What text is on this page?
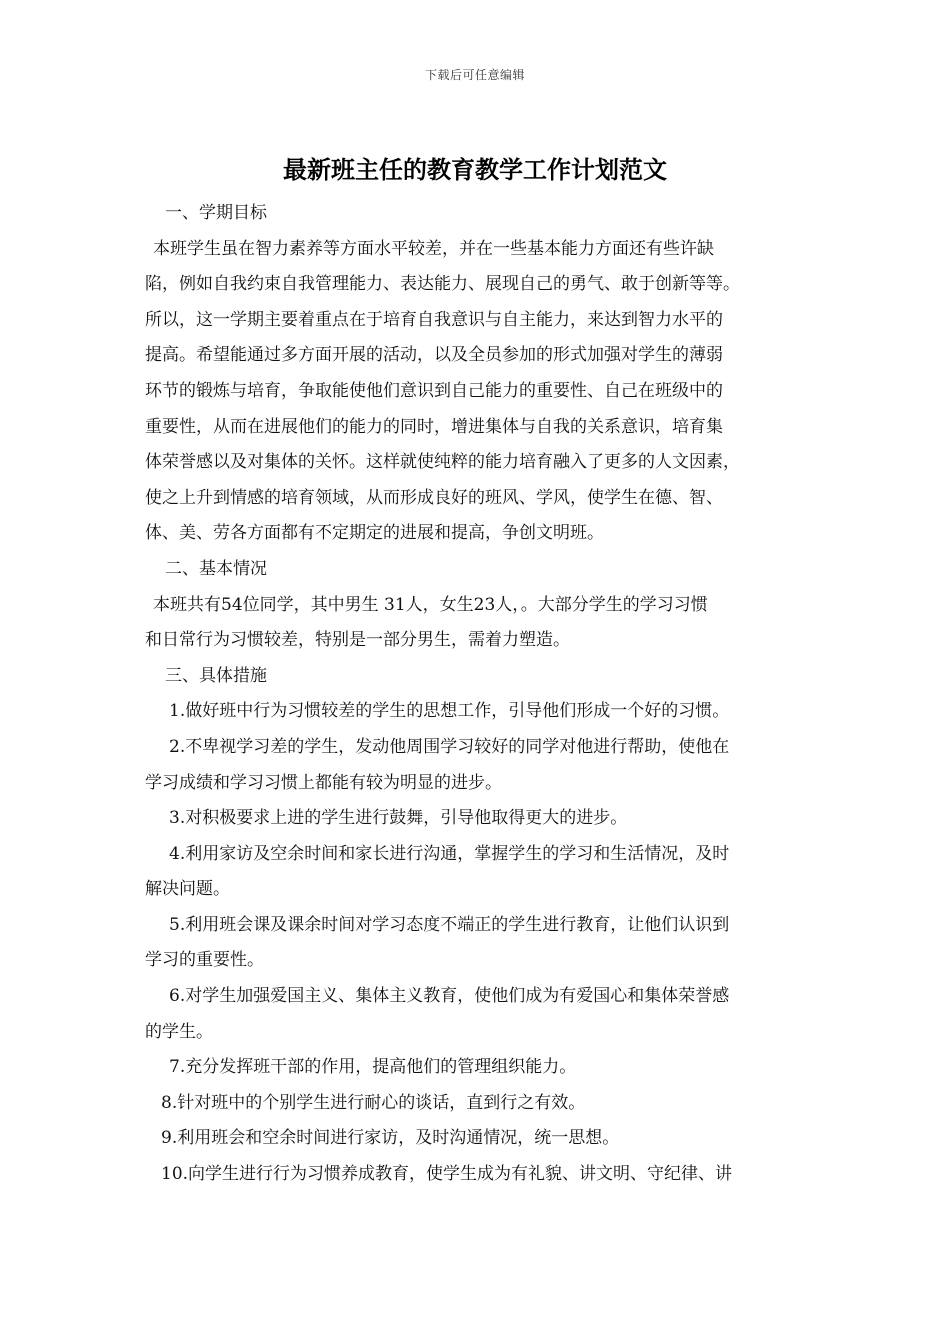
下载后可任意编辑
最新班主任的教育教学工作计划范文
一、学期目标
本班学生虽在智力素养等方面水平较差，并在一些基本能力方面还有些许缺
陷，例如自我约束自我管理能力、表达能力、展现自己的勇气、敢于创新等等。
所以，这一学期主要着重点在于培育自我意识与自主能力，来达到智力水平的
提高。希望能通过多方面开展的活动，以及全员参加的形式加强对学生的薄弱
环节的锻炼与培育，争取能使他们意识到自己能力的重要性、自己在班级中的
重要性，从而在进展他们的能力的同时，增进集体与自我的关系意识，培育集
体荣誉感以及对集体的关怀。这样就使纯粹的能力培育融入了更多的人文因素，
使之上升到情感的培育领域，从而形成良好的班风、学风，使学生在德、智、
体、美、劳各方面都有不定期定的进展和提高，争创文明班。
二、基本情况
本班共有54位同学，其中男生 31人，女生23人，。大部分学生的学习习惯
和日常行为习惯较差，特别是一部分男生，需着力塑造。
三、具体措施
1.做好班中行为习惯较差的学生的思想工作，引导他们形成一个好的习惯。
2.不卑视学习差的学生，发动他周围学习较好的同学对他进行帮助，使他在
学习成绩和学习习惯上都能有较为明显的进步。
3.对积极要求上进的学生进行鼓舞，引导他取得更大的进步。
4.利用家访及空余时间和家长进行沟通，掌握学生的学习和生活情况，及时
解决问题。
5.利用班会课及课余时间对学习态度不端正的学生进行教育，让他们认识到
学习的重要性。
6.对学生加强爱国主义、集体主义教育，使他们成为有爱国心和集体荣誉感
的学生。
7.充分发挥班干部的作用，提高他们的管理组织能力。
8.针对班中的个别学生进行耐心的谈话，直到行之有效。
9.利用班会和空余时间进行家访，及时沟通情况，统一思想。
10.向学生进行行为习惯养成教育，使学生成为有礼貌、讲文明、守纪律、讲
